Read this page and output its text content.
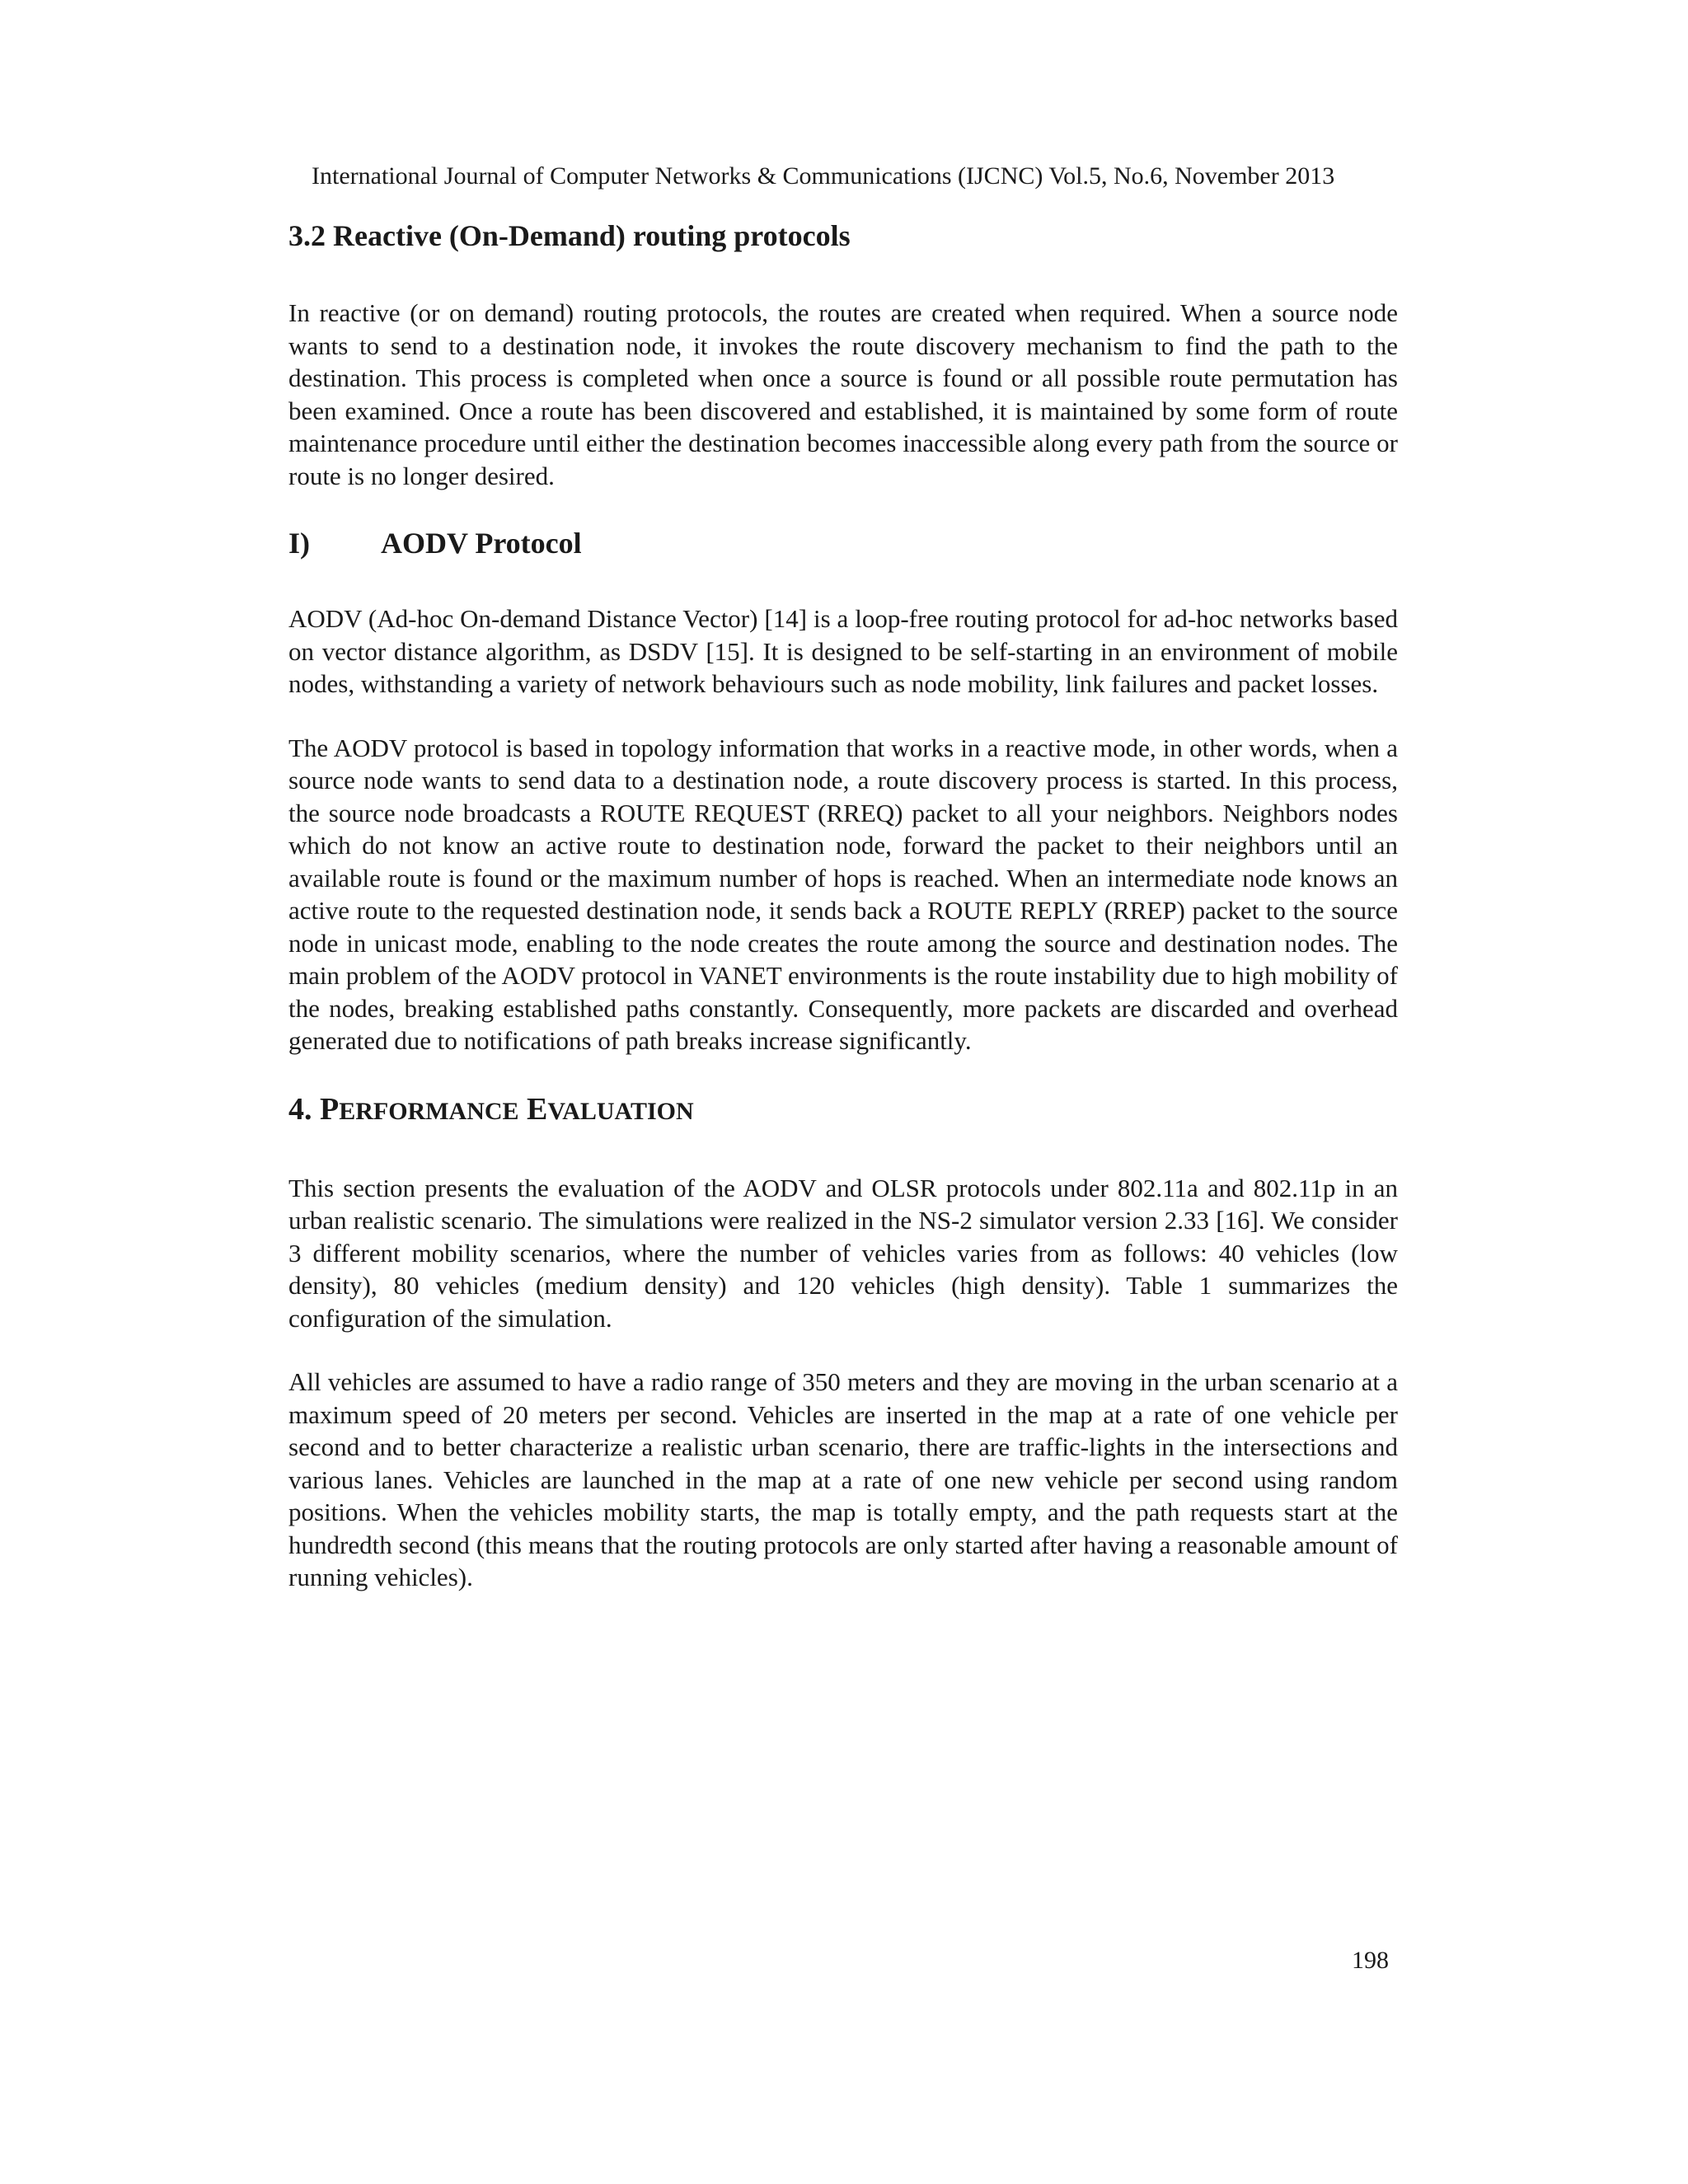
International Journal of Computer Networks & Communications (IJCNC) Vol.5, No.6, November 2013
3.2 Reactive (On-Demand) routing protocols

In reactive (or on demand) routing protocols, the routes are created when required. When a source node wants to send to a destination node, it invokes the route discovery mechanism to find the path to the destination. This process is completed when once a source is found or all possible route permutation has been examined. Once a route has been discovered and established, it is maintained by some form of route maintenance procedure until either the destination becomes inaccessible along every path from the source or route is no longer desired.

I)	AODV Protocol

AODV (Ad-hoc On-demand Distance Vector) [14] is a loop-free routing protocol for ad-hoc networks based on vector distance algorithm, as DSDV [15]. It is designed to be self-starting in an environment of mobile nodes, withstanding a variety of network behaviours such as node mobility, link failures and packet losses.

The AODV protocol is based in topology information that works in a reactive mode, in other words, when a source node wants to send data to a destination node, a route discovery process is started. In this process, the source node broadcasts a ROUTE REQUEST (RREQ) packet to all your neighbors. Neighbors nodes which do not know an active route to destination node, forward the packet to their neighbors until an available route is found or the maximum number of hops is reached. When an intermediate node knows an active route to the requested destination node, it sends back a ROUTE REPLY (RREP) packet to the source node in unicast mode, enabling to the node creates the route among the source and destination nodes. The main problem of the AODV protocol in VANET environments is the route instability due to high mobility of the nodes, breaking established paths constantly. Consequently, more packets are discarded and overhead generated due to notifications of path breaks increase significantly.

4. PERFORMANCE EVALUATION

This section presents the evaluation of the AODV and OLSR protocols under 802.11a and 802.11p in an urban realistic scenario. The simulations were realized in the NS-2 simulator version 2.33 [16]. We consider 3 different mobility scenarios, where the number of vehicles varies from as follows: 40 vehicles (low density), 80 vehicles (medium density) and 120 vehicles (high density). Table 1 summarizes the configuration of the simulation.

All vehicles are assumed to have a radio range of 350 meters and they are moving in the urban scenario at a maximum speed of 20 meters per second. Vehicles are inserted in the map at a rate of one vehicle per second and to better characterize a realistic urban scenario, there are traffic-lights in the intersections and various lanes. Vehicles are launched in the map at a rate of one new vehicle per second using random positions. When the vehicles mobility starts, the map is totally empty, and the path requests start at the hundredth second (this means that the routing protocols are only started after having a reasonable amount of running vehicles).

198
